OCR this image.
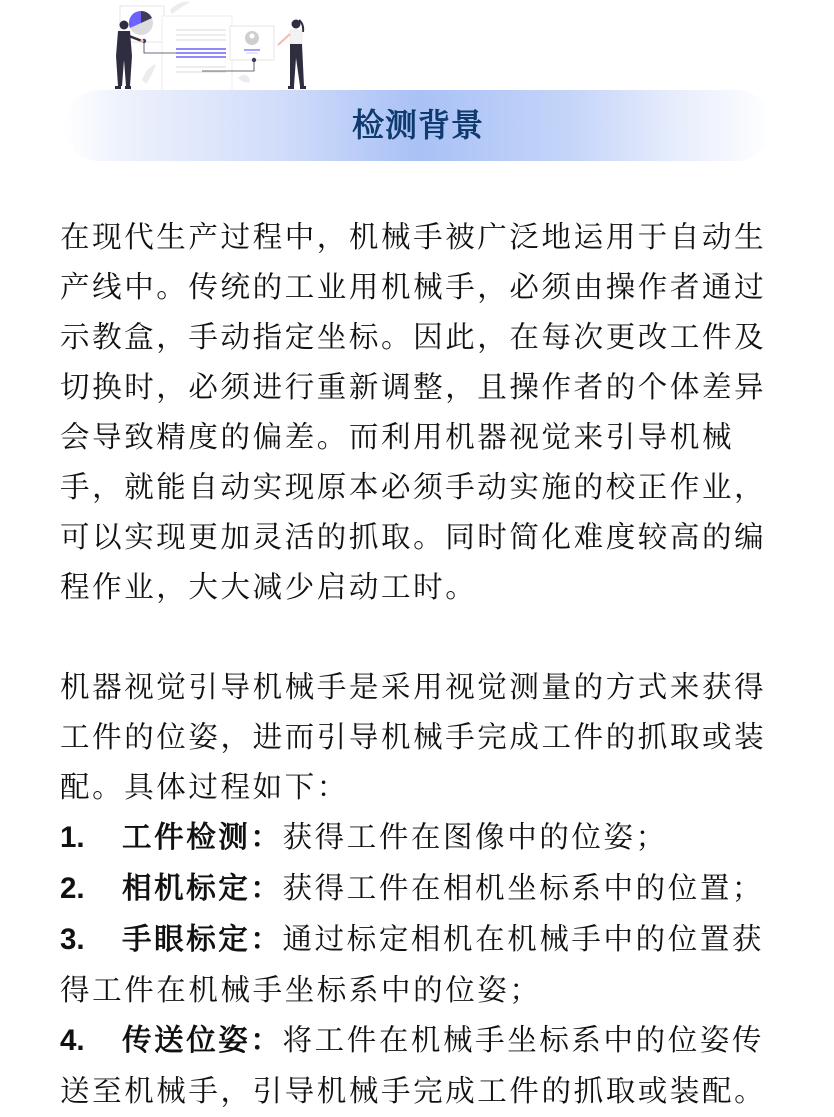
检测背景

在现代生产过程中，机械手被广泛地运用于自动生产线中。传统的工业用机械手，必须由操作者通过示教盒，手动指定坐标。因此，在每次更改工件及切换时，必须进行重新调整，且操作者的个体差异会导致精度的偏差。而利用机器视觉来引导机械手，就能自动实现原本必须手动实施的校正作业，可以实现更加灵活的抓取。同时简化难度较高的编程作业，大大减少启动工时。

机器视觉引导机械手是采用视觉测量的方式来获得工件的位姿，进而引导机械手完成工件的抓取或装配。具体过程如下：

1. 工件检测：获得工件在图像中的位姿；
2. 相机标定：获得工件在相机坐标系中的位置；
3. 手眼标定：通过标定相机在机械手中的位置获得工件在机械手坐标系中的位姿；
4. 传送位姿：将工件在机械手坐标系中的位姿传送至机械手，引导机械手完成工件的抓取或装配。
